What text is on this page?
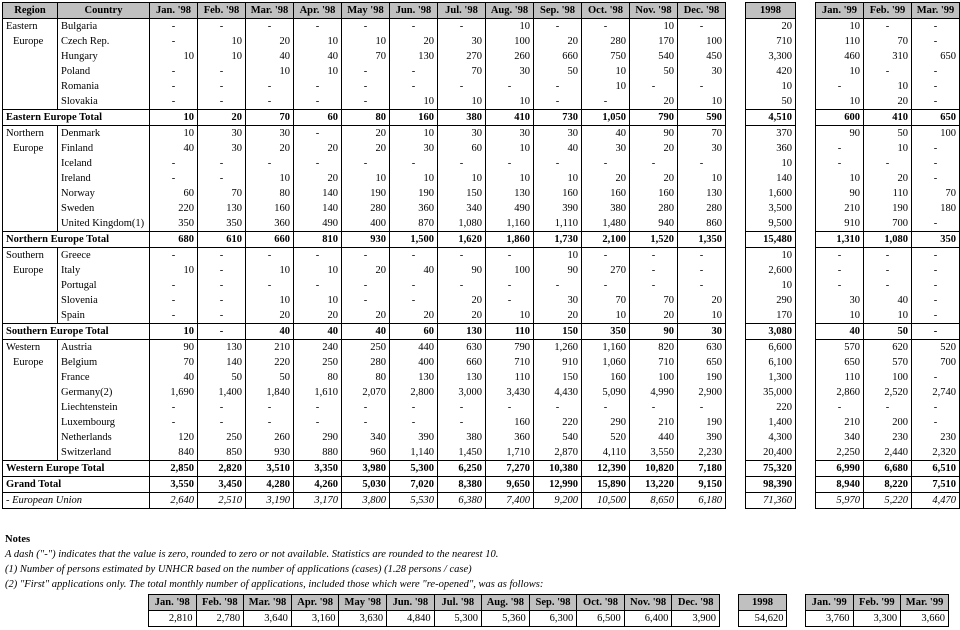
Region	Country	Jan. '98	Feb. '98	Mar. '98	Apr. '98	May '98	Jun. '98	Jul. '98	Aug. '98	Sep. '98	Oct. '98	Nov. '98	Dec. '98		1998		Jan. '99	Feb. '99	Mar. '99
Eastern	Bulgaria	-	-	-	-	-	-	-	10	-	-	10	-		20		10	-	-
Europe	Czech Rep.	-	10	20	10	10	20	30	100	20	280	170	100		710		110	70	-
	Hungary	10	10	40	40	70	130	270	260	660	750	540	450		3,300		460	310	650
	Poland	-	-	10	10	-	-	70	30	50	10	50	30		420		10	-	-
	Romania	-	-	-	-	-	-	-	-	-	10	-	-		10		-	10	-
	Slovakia	-	-	-	-	-	10	10	10	-	-	20	10		50		10	20	-
Eastern Europe Total		10	20	70	60	80	160	380	410	730	1,050	790	590		4,510		600	410	650
Northern	Denmark	10	30	30	-	20	10	30	30	30	40	90	70		370		90	50	100
Europe	Finland	40	30	20	20	20	30	60	10	40	30	20	30		360		-	10	-
	Iceland	-	-	-	-	-	-	-	-	-	-	-	-		10		-	-	-
	Ireland	-	-	10	20	10	10	10	10	10	20	20	10		140		10	20	-
	Norway	60	70	80	140	190	190	150	130	160	160	160	130		1,600		90	110	70
	Sweden	220	130	160	140	280	360	340	490	390	380	280	280		3,500		210	190	180
	United Kingdom(1)	350	350	360	490	400	870	1,080	1,160	1,110	1,480	940	860		9,500		910	700	-
Northern Europe Total		680	610	660	810	930	1,500	1,620	1,860	1,730	2,100	1,520	1,350		15,480		1,310	1,080	350
Southern	Greece	-	-	-	-	-	-	-	-	10	-	-	-		10		-	-	-
Europe	Italy	10	-	10	10	20	40	90	100	90	270	-	-		2,600		-	-	-
	Portugal	-	-	-	-	-	-	-	-	-	-	-	-		10		-	-	-
	Slovenia	-	-	10	10	-	-	20	-	30	70	70	20		290		30	40	-
	Spain	-	-	20	20	20	20	20	10	20	10	20	10		170		10	10	-
Southern Europe Total		10	-	40	40	40	60	130	110	150	350	90	30		3,080		40	50	-
Western	Austria	90	130	210	240	250	440	630	790	1,260	1,160	820	630		6,600		570	620	520
Europe	Belgium	70	140	220	250	280	400	660	710	910	1,060	710	650		6,100		650	570	700
	France	40	50	50	80	80	130	130	110	150	160	100	190		1,300		110	100	-
	Germany(2)	1,690	1,400	1,840	1,610	2,070	2,800	3,000	3,430	4,430	5,090	4,990	2,900		35,000		2,860	2,520	2,740
	Liechtenstein	-	-	-	-	-	-	-	-	-	-	-	-		220		-	-	-
	Luxembourg	-	-	-	-	-	-	-	160	220	290	210	190		1,400		210	200	-
	Netherlands	120	250	260	290	340	390	380	360	540	520	440	390		4,300		340	230	230
	Switzerland	840	850	930	880	960	1,140	1,450	1,710	2,870	4,110	3,550	2,230		20,400		2,250	2,440	2,320
Western Europe Total		2,850	2,820	3,510	3,350	3,980	5,300	6,250	7,270	10,380	12,390	10,820	7,180		75,320		6,990	6,680	6,510
Grand Total		3,550	3,450	4,280	4,260	5,030	7,020	8,380	9,650	12,990	15,890	13,220	9,150		98,390		8,940	8,220	7,510
- European Union		2,640	2,510	3,190	3,170	3,800	5,530	6,380	7,400	9,200	10,500	8,650	6,180		71,360		5,970	5,220	4,470
Notes
A dash ("-") indicates that the value is zero, rounded to zero or not available. Statistics are rounded to the nearest 10.
(1) Number of persons estimated by UNHCR based on the number of applications (cases) (1.28 persons / case)
(2) "First" applications only. The total monthly number of applications, included those which were "re-opened", was as follows:
Jan. '98	Feb. '98	Mar. '98	Apr. '98	May '98	Jun. '98	Jul. '98	Aug. '98	Sep. '98	Oct. '98	Nov. '98	Dec. '98		1998		Jan. '99	Feb. '99	Mar. '99
2,810	2,780	3,640	3,160	3,630	4,840	5,300	5,360	6,300	6,500	6,400	3,900		54,620		3,760	3,300	3,660
